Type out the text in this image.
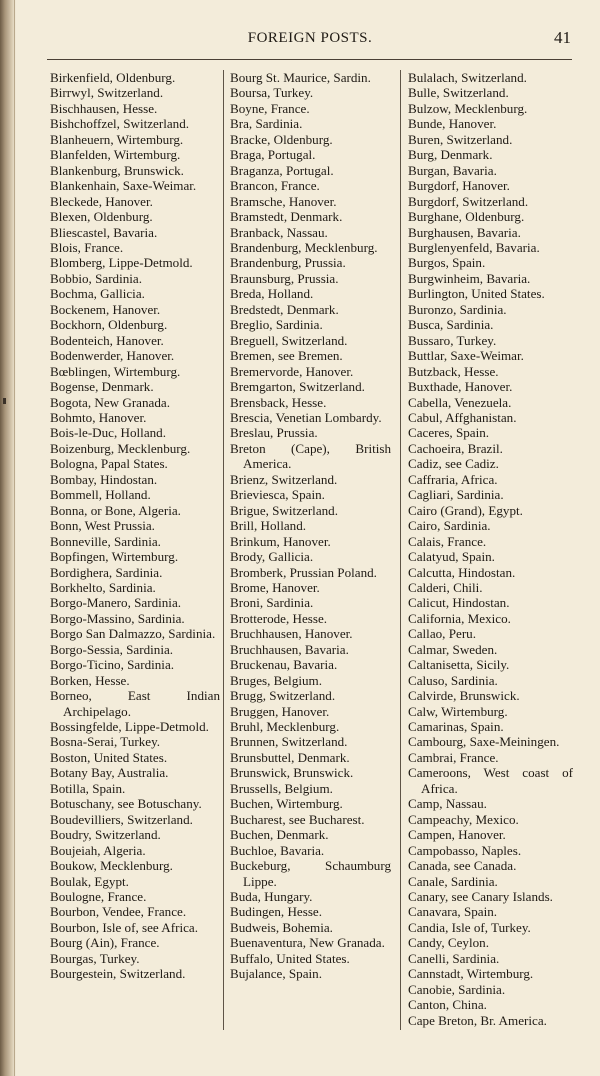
FOREIGN POSTS.	41
Birkenfield, Oldenburg.
Birrwyl, Switzerland.
Bischhausen, Hesse.
Bishchoffzel, Switzerland.
Blanheuern, Wirtemburg.
Blanfelden, Wirtemburg.
Blankenburg, Brunswick.
Blankenhain, Saxe-Weimar.
Bleckede, Hanover.
Blexen, Oldenburg.
Bliescastel, Bavaria.
Blois, France.
Blomberg, Lippe-Detmold.
Bobbio, Sardinia.
Bochma, Gallicia.
Bockenem, Hanover.
Bockhorn, Oldenburg.
Bodenteich, Hanover.
Bodenwerder, Hanover.
Bœblingen, Wirtemburg.
Bogense, Denmark.
Bogota, New Granada.
Bohmto, Hanover.
Bois-le-Duc, Holland.
Boizenburg, Mecklenburg.
Bologna, Papal States.
Bombay, Hindostan.
Bommell, Holland.
Bonna, or Bone, Algeria.
Bonn, West Prussia.
Bonneville, Sardinia.
Bopfingen, Wirtemburg.
Bordighera, Sardinia.
Borkhelto, Sardinia.
Borgo-Manero, Sardinia.
Borgo-Massino, Sardinia.
Borgo San Dalmazzo, Sardinia.
Borgo-Sessia, Sardinia.
Borgo-Ticino, Sardinia.
Borken, Hesse.
Borneo, East Indian Archipelago.
Bossingfelde, Lippe-Detmold.
Bosna-Serai, Turkey.
Boston, United States.
Botany Bay, Australia.
Botilla, Spain.
Botuschany, see Botuschany.
Boudevilliers, Switzerland.
Boudry, Switzerland.
Boujeiah, Algeria.
Boukow, Mecklenburg.
Boulak, Egypt.
Boulogne, France.
Bourbon, Vendee, France.
Bourbon, Isle of, see Africa.
Bourg (Ain), France.
Bourgas, Turkey.
Bourgestein, Switzerland.
Bourg St. Maurice, Sardin.
Boursa, Turkey.
Boyne, France.
Bra, Sardinia.
Bracke, Oldenburg.
Braga, Portugal.
Braganza, Portugal.
Brancon, France.
Bramsche, Hanover.
Bramstedt, Denmark.
Branback, Nassau.
Brandenburg, Mecklenburg.
Brandenburg, Prussia.
Braunsburg, Prussia.
Breda, Holland.
Bredstedt, Denmark.
Breglio, Sardinia.
Breguell, Switzerland.
Bremen, see Bremen.
Bremervorde, Hanover.
Bremgarton, Switzerland.
Brensback, Hesse.
Brescia, Venetian Lombardy.
Breslau, Prussia.
Breton (Cape), British America.
Brienz, Switzerland.
Brieviesca, Spain.
Brigue, Switzerland.
Brill, Holland.
Brinkum, Hanover.
Brody, Gallicia.
Bromberk, Prussian Poland.
Brome, Hanover.
Broni, Sardinia.
Brotterode, Hesse.
Bruchhausen, Hanover.
Bruchhausen, Bavaria.
Bruckenau, Bavaria.
Bruges, Belgium.
Brugg, Switzerland.
Bruggen, Hanover.
Bruhl, Mecklenburg.
Brunnen, Switzerland.
Brunsbuttel, Denmark.
Brunswick, Brunswick.
Brussells, Belgium.
Buchen, Wirtemburg.
Bucharest, see Bucharest.
Buchen, Denmark.
Buchloe, Bavaria.
Buckeburg, Schaumburg Lippe.
Buda, Hungary.
Budingen, Hesse.
Budweis, Bohemia.
Buenaventura, New Granada.
Buffalo, United States.
Bujalance, Spain.
Bulalach, Switzerland.
Bulle, Switzerland.
Bulzow, Mecklenburg.
Bunde, Hanover.
Buren, Switzerland.
Burg, Denmark.
Burgan, Bavaria.
Burgdorf, Hanover.
Burgdorf, Switzerland.
Burghane, Oldenburg.
Burghausen, Bavaria.
Burglenyenfeld, Bavaria.
Burgos, Spain.
Burgwinheim, Bavaria.
Burlington, United States.
Buronzo, Sardinia.
Busca, Sardinia.
Bussaro, Turkey.
Buttlar, Saxe-Weimar.
Butzback, Hesse.
Buxthade, Hanover.
Cabella, Venezuela.
Cabul, Affghanistan.
Caceres, Spain.
Cachoeira, Brazil.
Cadiz, see Cadiz.
Caffraria, Africa.
Cagliari, Sardinia.
Cairo (Grand), Egypt.
Cairo, Sardinia.
Calais, France.
Calatyud, Spain.
Calcutta, Hindostan.
Calderi, Chili.
Calicut, Hindostan.
California, Mexico.
Callao, Peru.
Calmar, Sweden.
Caltanisetta, Sicily.
Caluso, Sardinia.
Calvirde, Brunswick.
Calw, Wirtemburg.
Camarinas, Spain.
Cambourg, Saxe-Meiningen.
Cambrai, France.
Cameroons, West coast of Africa.
Camp, Nassau.
Campeachy, Mexico.
Campen, Hanover.
Campobasso, Naples.
Canada, see Canada.
Canale, Sardinia.
Canary, see Canary Islands.
Canavara, Spain.
Candia, Isle of, Turkey.
Candy, Ceylon.
Canelli, Sardinia.
Cannstadt, Wirtemburg.
Canobie, Sardinia.
Canton, China.
Cape Breton, Br. America.
